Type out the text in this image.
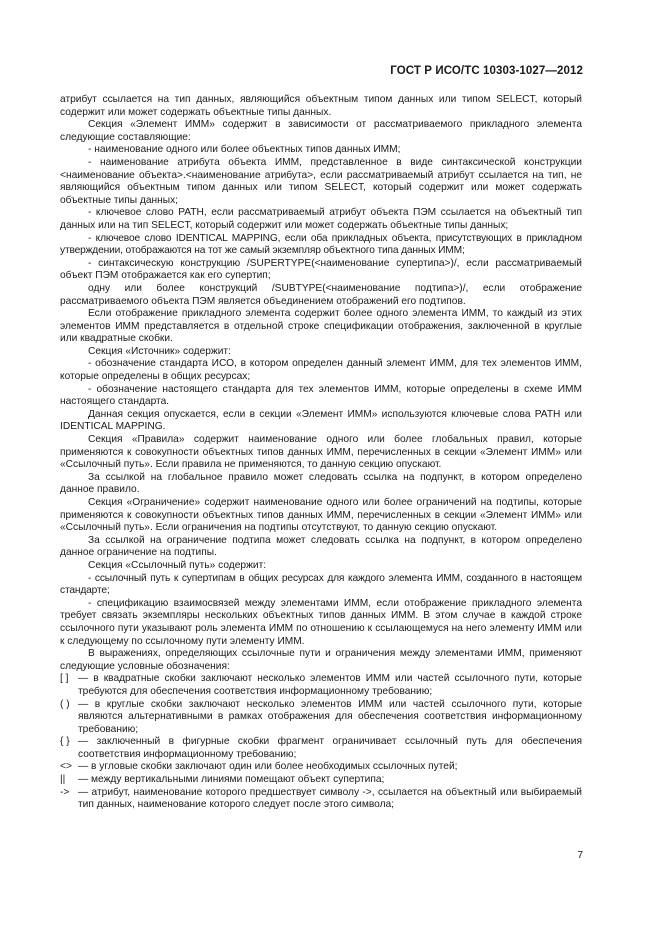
ГОСТ Р ИСО/ТС 10303-1027—2012

атрибут ссылается на тип данных, являющийся объектным типом данных или типом SELECT, который содержит или может содержать объектные типы данных.

Секция «Элемент ИММ» содержит в зависимости от рассматриваемого прикладного элемента следующие составляющие:

- наименование одного или более объектных типов данных ИММ;

- наименование атрибута объекта ИММ, представленное в виде синтаксической конструкции <наименование объекта>.<наименование атрибута>, если рассматриваемый атрибут ссылается на тип, не являющийся объектным типом данных или типом SELECT, который содержит или может содержать объектные типы данных;

- ключевое слово PATH, если рассматриваемый атрибут объекта ПЭМ ссылается на объектный тип данных или на тип SELECT, который содержит или может содержать объектные типы данных;

- ключевое слово IDENTICAL MAPPING, если оба прикладных объекта, присутствующих в прикладном утверждении, отображаются на тот же самый экземпляр объектного типа данных ИММ;

- синтаксическую конструкцию /SUPERTYPE(<наименование супертипа>)/, если рассматриваемый объект ПЭМ отображается как его супертип;

одну или более конструкций /SUBTYPE(<наименование подтипа>)/, если отображение рассматриваемого объекта ПЭМ является объединением отображений его подтипов.

Если отображение прикладного элемента содержит более одного элемента ИММ, то каждый из этих элементов ИММ представляется в отдельной строке спецификации отображения, заключенной в круглые или квадратные скобки.

Секция «Источник» содержит:

- обозначение стандарта ИСО, в котором определен данный элемент ИММ, для тех элементов ИММ, которые определены в общих ресурсах;

- обозначение настоящего стандарта для тех элементов ИММ, которые определены в схеме ИММ настоящего стандарта.

Данная секция опускается, если в секции «Элемент ИММ» используются ключевые слова PATH или IDENTICAL MAPPING.

Секция «Правила» содержит наименование одного или более глобальных правил, которые применяются к совокупности объектных типов данных ИММ, перечисленных в секции «Элемент ИММ» или «Ссылочный путь». Если правила не применяются, то данную секцию опускают.

За ссылкой на глобальное правило может следовать ссылка на подпункт, в котором определено данное правило.

Секция «Ограничение» содержит наименование одного или более ограничений на подтипы, которые применяются к совокупности объектных типов данных ИММ, перечисленных в секции «Элемент ИММ» или «Ссылочный путь». Если ограничения на подтипы отсутствуют, то данную секцию опускают.

За ссылкой на ограничение подтипа может следовать ссылка на подпункт, в котором определено данное ограничение на подтипы.

Секция «Ссылочный путь» содержит:

- ссылочный путь к супертипам в общих ресурсах для каждого элемента ИММ, созданного в настоящем стандарте;

- спецификацию взаимосвязей между элементами ИММ, если отображение прикладного элемента требует связать экземпляры нескольких объектных типов данных ИММ. В этом случае в каждой строке ссылочного пути указывают роль элемента ИММ по отношению к ссылающемуся на него элементу ИММ или к следующему по ссылочному пути элементу ИММ.

В выражениях, определяющих ссылочные пути и ограничения между элементами ИММ, применяют следующие условные обозначения:

[ ] — в квадратные скобки заключают несколько элементов ИММ или частей ссылочного пути, которые требуются для обеспечения соответствия информационному требованию;
( ) — в круглые скобки заключают несколько элементов ИММ или частей ссылочного пути, которые являются альтернативными в рамках отображения для обеспечения соответствия информационному требованию;
{ } — заключенный в фигурные скобки фрагмент ограничивает ссылочный путь для обеспечения соответствия информационному требованию;
<> — в угловые скобки заключают один или более необходимых ссылочных путей;
||	— между вертикальными линиями помещают объект супертипа;
-> — атрибут, наименование которого предшествует символу ->, ссылается на объектный или выбираемый тип данных, наименование которого следует после этого символа;
7
